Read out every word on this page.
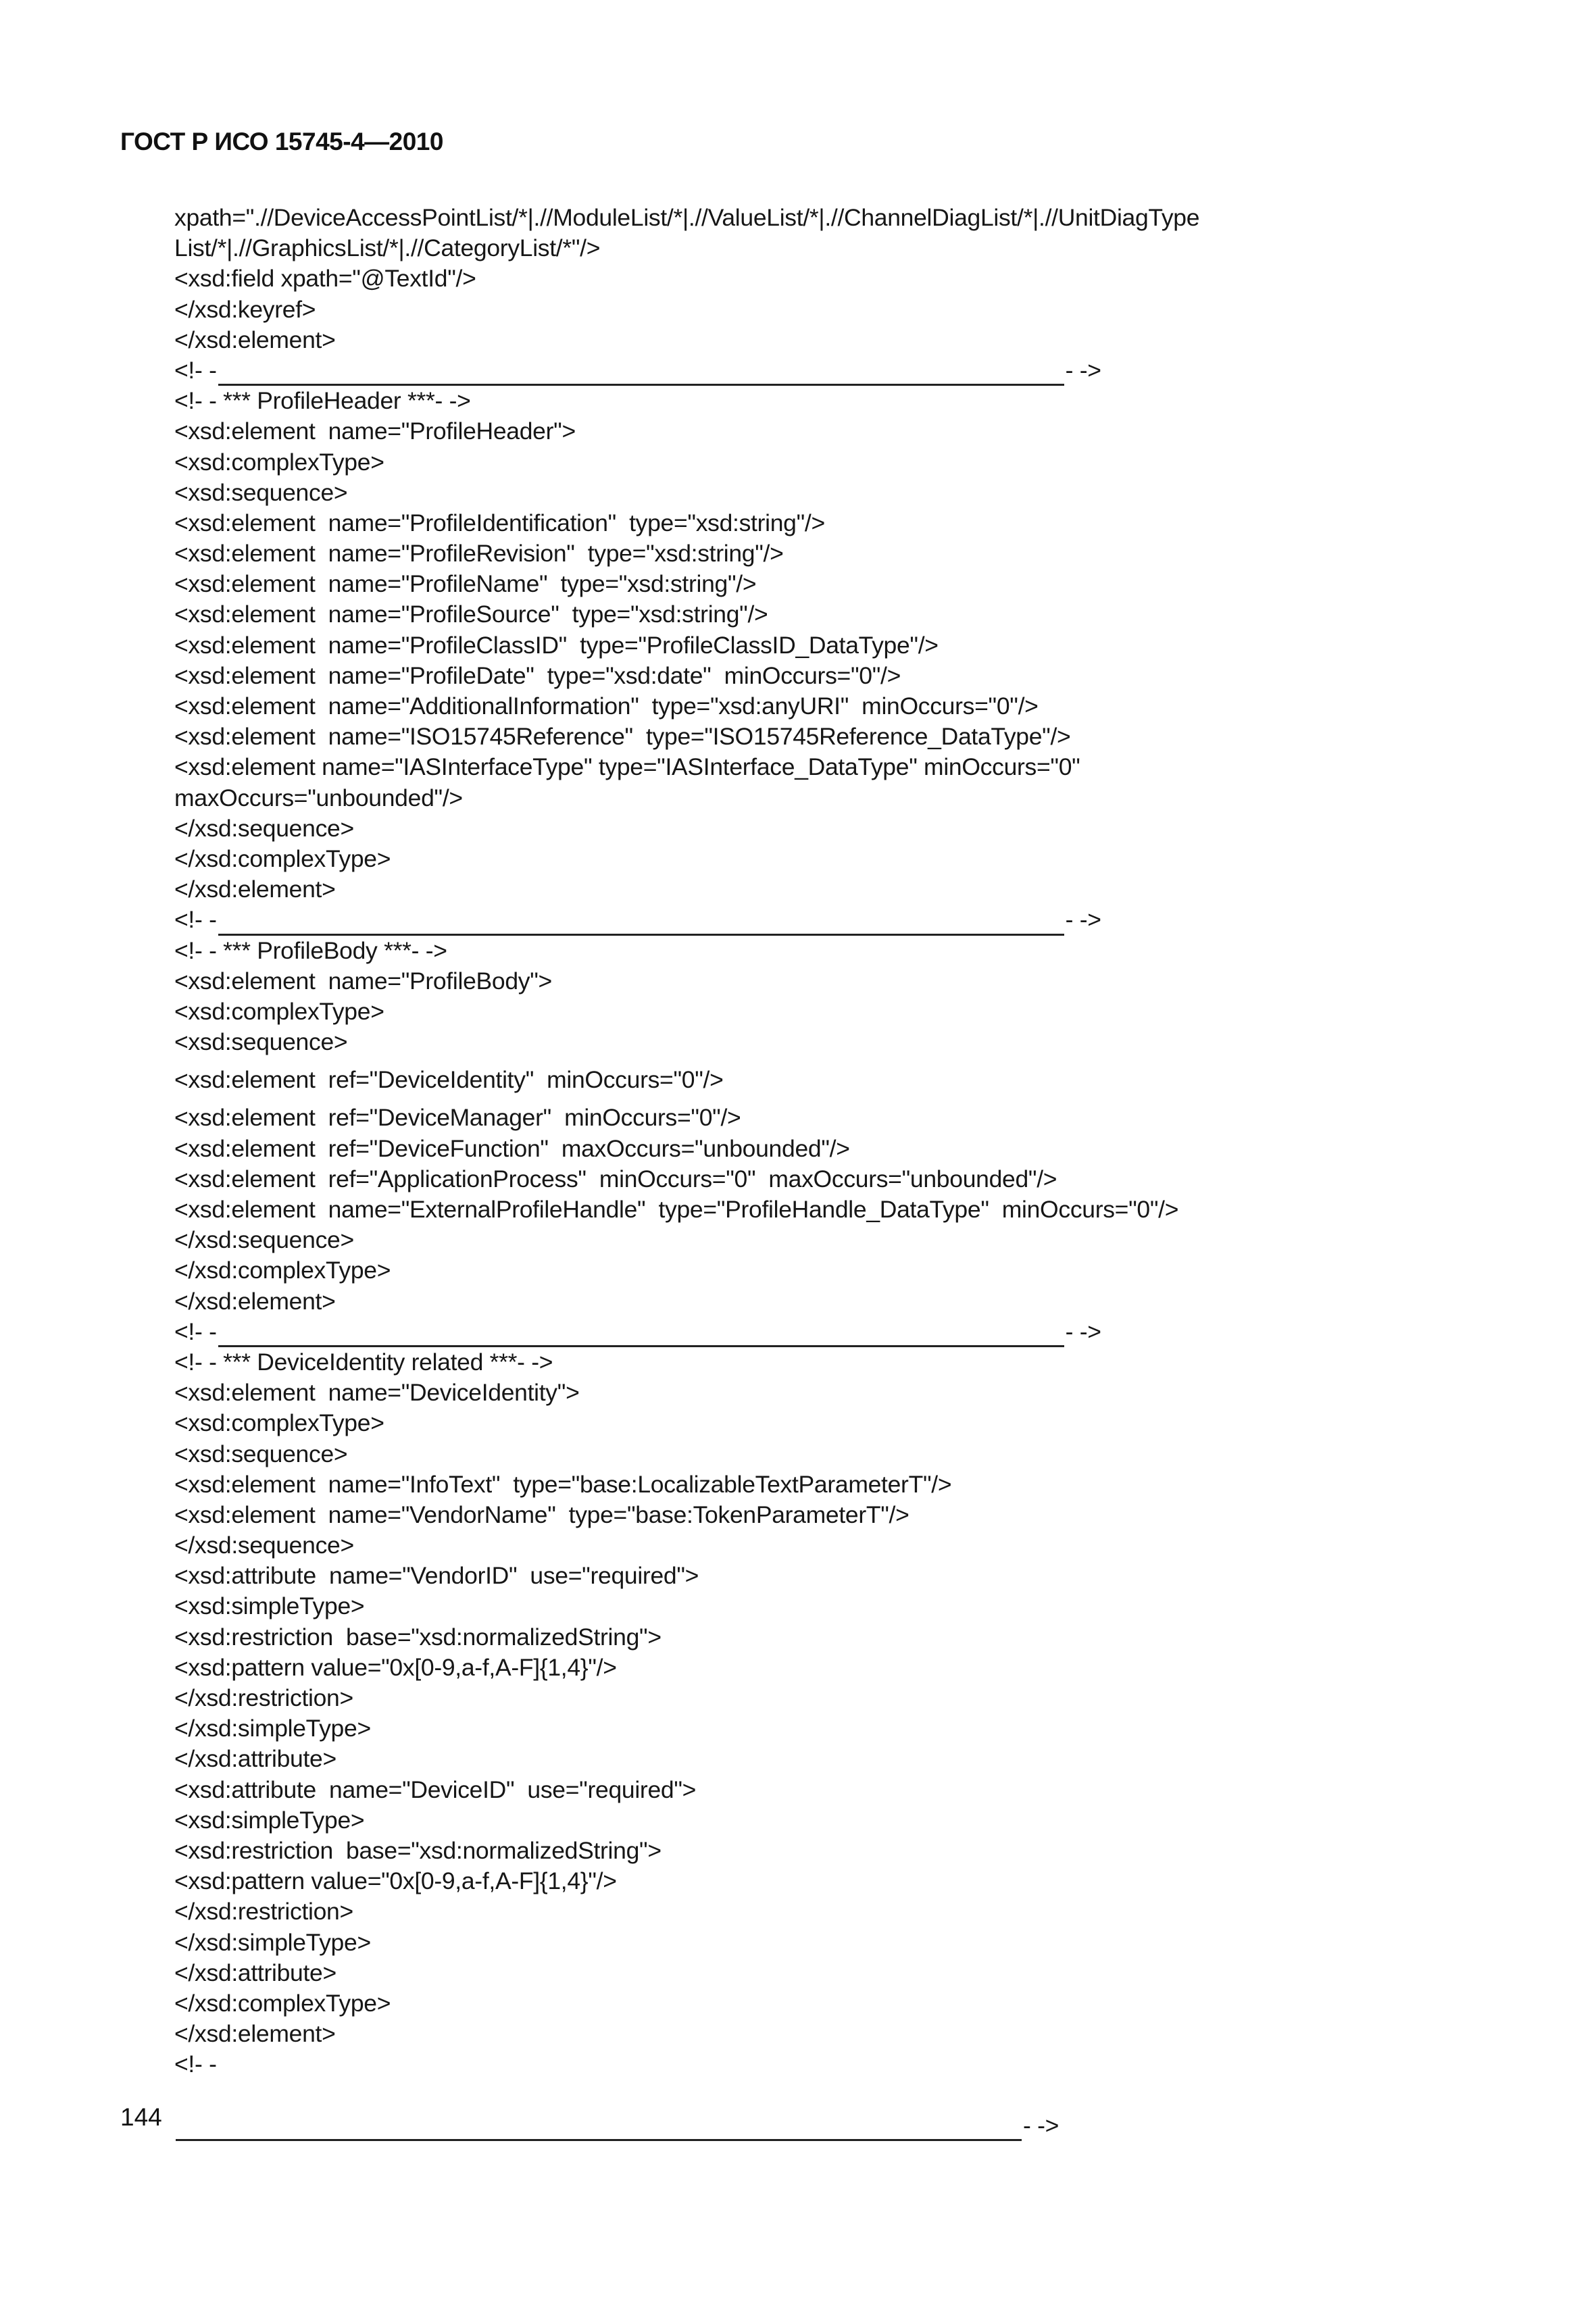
ГОСТ Р ИСО 15745-4—2010
xpath=".//DeviceAccessPointList/*|.//ModuleList/*|.//ValueList/*|.//ChannelDiagList/*|.//UnitDiagType
List/*|.//GraphicsList/*|.//CategoryList/*"/>
<xsd:field xpath="@TextId"/>
</xsd:keyref>
</xsd:element>
<!- -	- ->
<!- - *** ProfileHeader ***- ->
<xsd:element  name="ProfileHeader">
<xsd:complexType>
<xsd:sequence>
<xsd:element  name="ProfileIdentification"  type="xsd:string"/>
<xsd:element  name="ProfileRevision"  type="xsd:string"/>
<xsd:element  name="ProfileName"  type="xsd:string"/>
<xsd:element  name="ProfileSource"  type="xsd:string"/>
<xsd:element  name="ProfileClassID"  type="ProfileClassID_DataType"/>
<xsd:element  name="ProfileDate"  type="xsd:date"  minOccurs="0"/>
<xsd:element  name="AdditionalInformation"  type="xsd:anyURI"  minOccurs="0"/>
<xsd:element  name="ISO15745Reference"  type="ISO15745Reference_DataType"/>
<xsd:element name="IASInterfaceType" type="IASInterface_DataType" minOccurs="0"
maxOccurs="unbounded"/>
</xsd:sequence>
</xsd:complexType>
</xsd:element>
<!- -	- ->
<!- - *** ProfileBody ***- ->
<xsd:element  name="ProfileBody">
<xsd:complexType>
<xsd:sequence>
<xsd:element  ref="DeviceIdentity"  minOccurs="0"/>
<xsd:element  ref="DeviceManager"  minOccurs="0"/>
<xsd:element  ref="DeviceFunction"  maxOccurs="unbounded"/>
<xsd:element  ref="ApplicationProcess"  minOccurs="0"  maxOccurs="unbounded"/>
<xsd:element  name="ExternalProfileHandle"  type="ProfileHandle_DataType"  minOccurs="0"/>
</xsd:sequence>
</xsd:complexType>
</xsd:element>
<!- -	- ->
<!- - *** DeviceIdentity related ***- ->
<xsd:element  name="DeviceIdentity">
<xsd:complexType>
<xsd:sequence>
<xsd:element  name="InfoText"  type="base:LocalizableTextParameterT"/>
<xsd:element  name="VendorName"  type="base:TokenParameterT"/>
</xsd:sequence>
<xsd:attribute  name="VendorID"  use="required">
<xsd:simpleType>
<xsd:restriction  base="xsd:normalizedString">
<xsd:pattern value="0x[0-9,a-f,A-F]{1,4}"/>
</xsd:restriction>
</xsd:simpleType>
</xsd:attribute>
<xsd:attribute  name="DeviceID"  use="required">
<xsd:simpleType>
<xsd:restriction  base="xsd:normalizedString">
<xsd:pattern value="0x[0-9,a-f,A-F]{1,4}"/>
</xsd:restriction>
</xsd:simpleType>
</xsd:attribute>
</xsd:complexType>
</xsd:element>
<!- -
- ->
144
